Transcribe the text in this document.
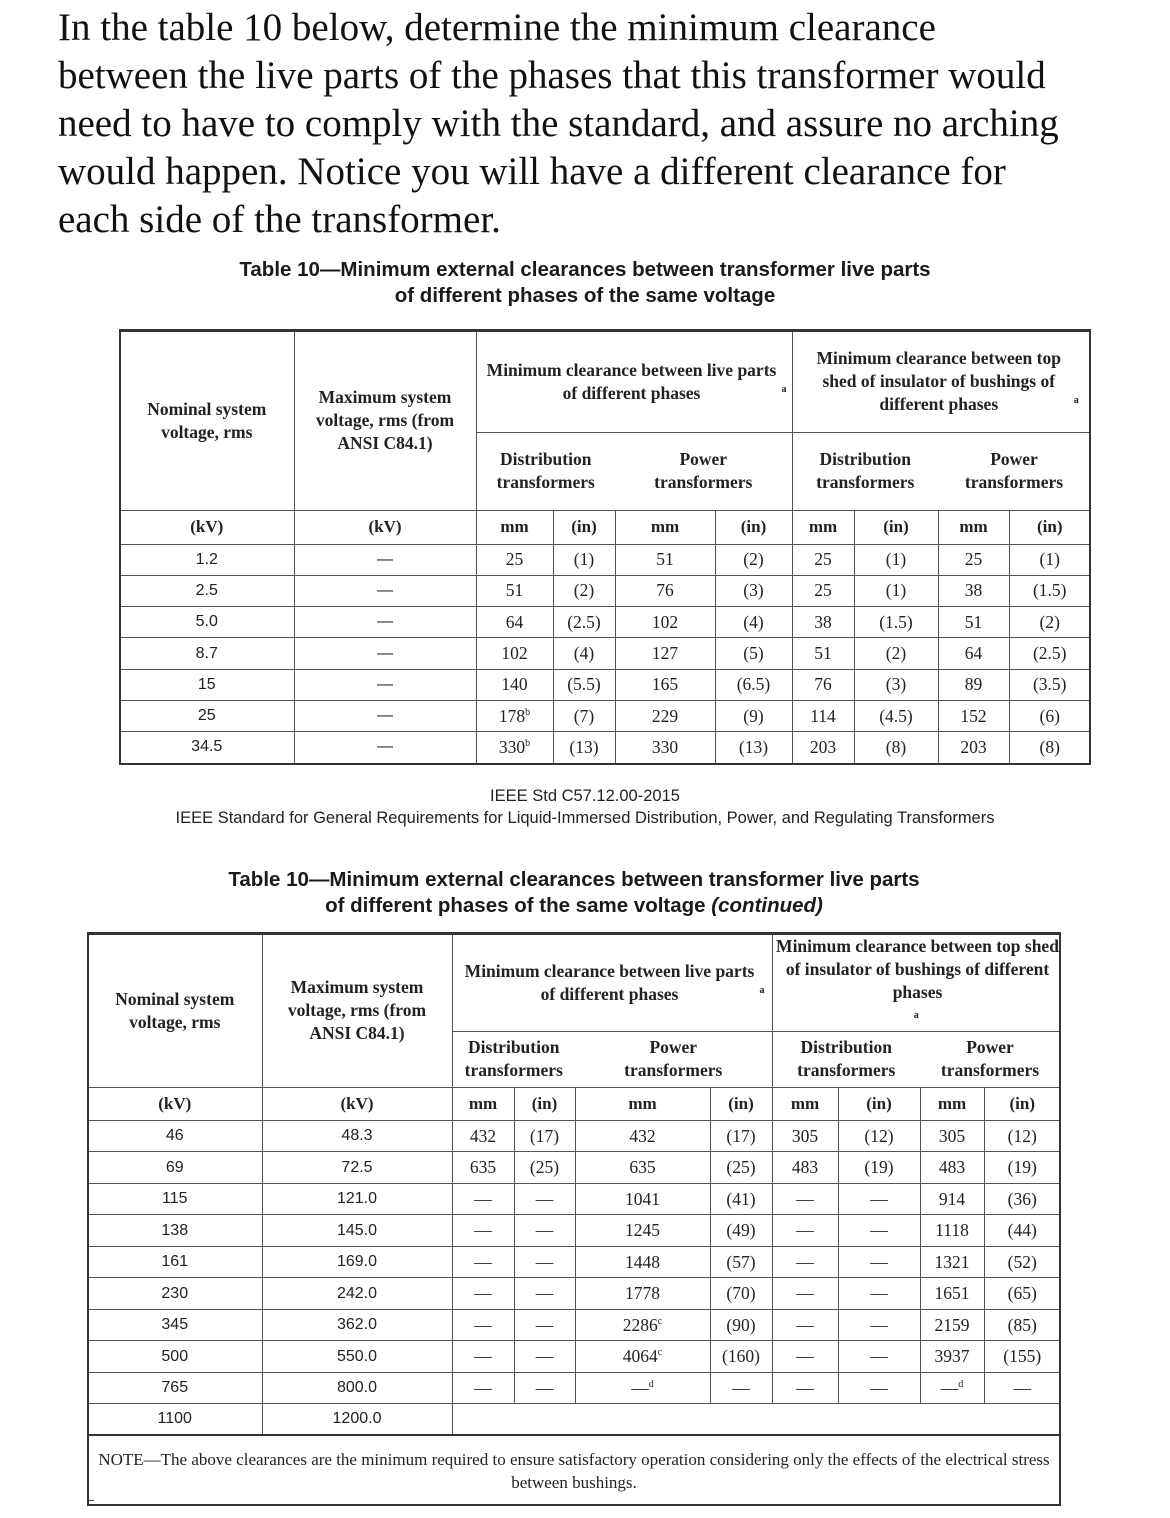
In the table 10 below, determine the minimum clearance
between the live parts of the phases that this transformer would
need to have to comply with the standard, and assure no arching
would happen. Notice you will have a different clearance for
each side of the transformer.
Table 10—Minimum external clearances between transformer live parts
of different phases of the same voltage
Nominal system voltage, rms	Maximum system voltage, rms (from ANSI C84.1)	Minimum clearance between live parts of different phases $^a$				Minimum clearance between top shed of insulator of bushings of different phases $^a$
		Distribution transformers		Power transformers		Distribution transformers		Power transformers	
(kV)	(kV)	mm	(in)	mm	(in)	mm	(in)	mm	(in)
1.2	—	25	(1)	51	(2)	25	(1)	25	(1)
2.5	—	51	(2)	76	(3)	25	(1)	38	(1.5)
5.0	—	64	(2.5)	102	(4)	38	(1.5)	51	(2)
8.7	—	102	(4)	127	(5)	51	(2)	64	(2.5)
15	—	140	(5.5)	165	(6.5)	76	(3)	89	(3.5)
25	—	178$^b$	(7)	229	(9)	114	(4.5)	152	(6)
34.5	—	330$^b$	(13)	330	(13)	203	(8)	203	(8)
IEEE Std C57.12.00-2015
IEEE Standard for General Requirements for Liquid-Immersed Distribution, Power, and Regulating Transformers
Table 10—Minimum external clearances between transformer live parts
of different phases of the same voltage (continued)
Nominal system voltage, rms	Maximum system voltage, rms (from ANSI C84.1)	Minimum clearance between live parts of different phases $^a$				Minimum clearance between top shed of insulator of bushings of different phases$^a$
		Distribution transformers		Power transformers		Distribution transformers		Power transformers	
(kV)	(kV)	mm	(in)	mm	(in)	mm	(in)	mm	(in)
46	48.3	432	(17)	432	(17)	305	(12)	305	(12)
69	72.5	635	(25)	635	(25)	483	(19)	483	(19)
115	121.0	—	—	1041	(41)	—	—	914	(36)
138	145.0	—	—	1245	(49)	—	—	1118	(44)
161	169.0	—	—	1448	(57)	—	—	1321	(52)
230	242.0	—	—	1778	(70)	—	—	1651	(65)
345	362.0	—	—	2286$^c$	(90)	—	—	2159	(85)
500	550.0	—	—	4064$^c$	(160)	—	—	3937	(155)
765	800.0	—	—	—$^d$	—	—	—	—$^d$	—
1100	1200.0								
NOTE—The above clearances are the minimum required to ensure satisfactory operation considering only the effects of the electrical stress between bushings.									
